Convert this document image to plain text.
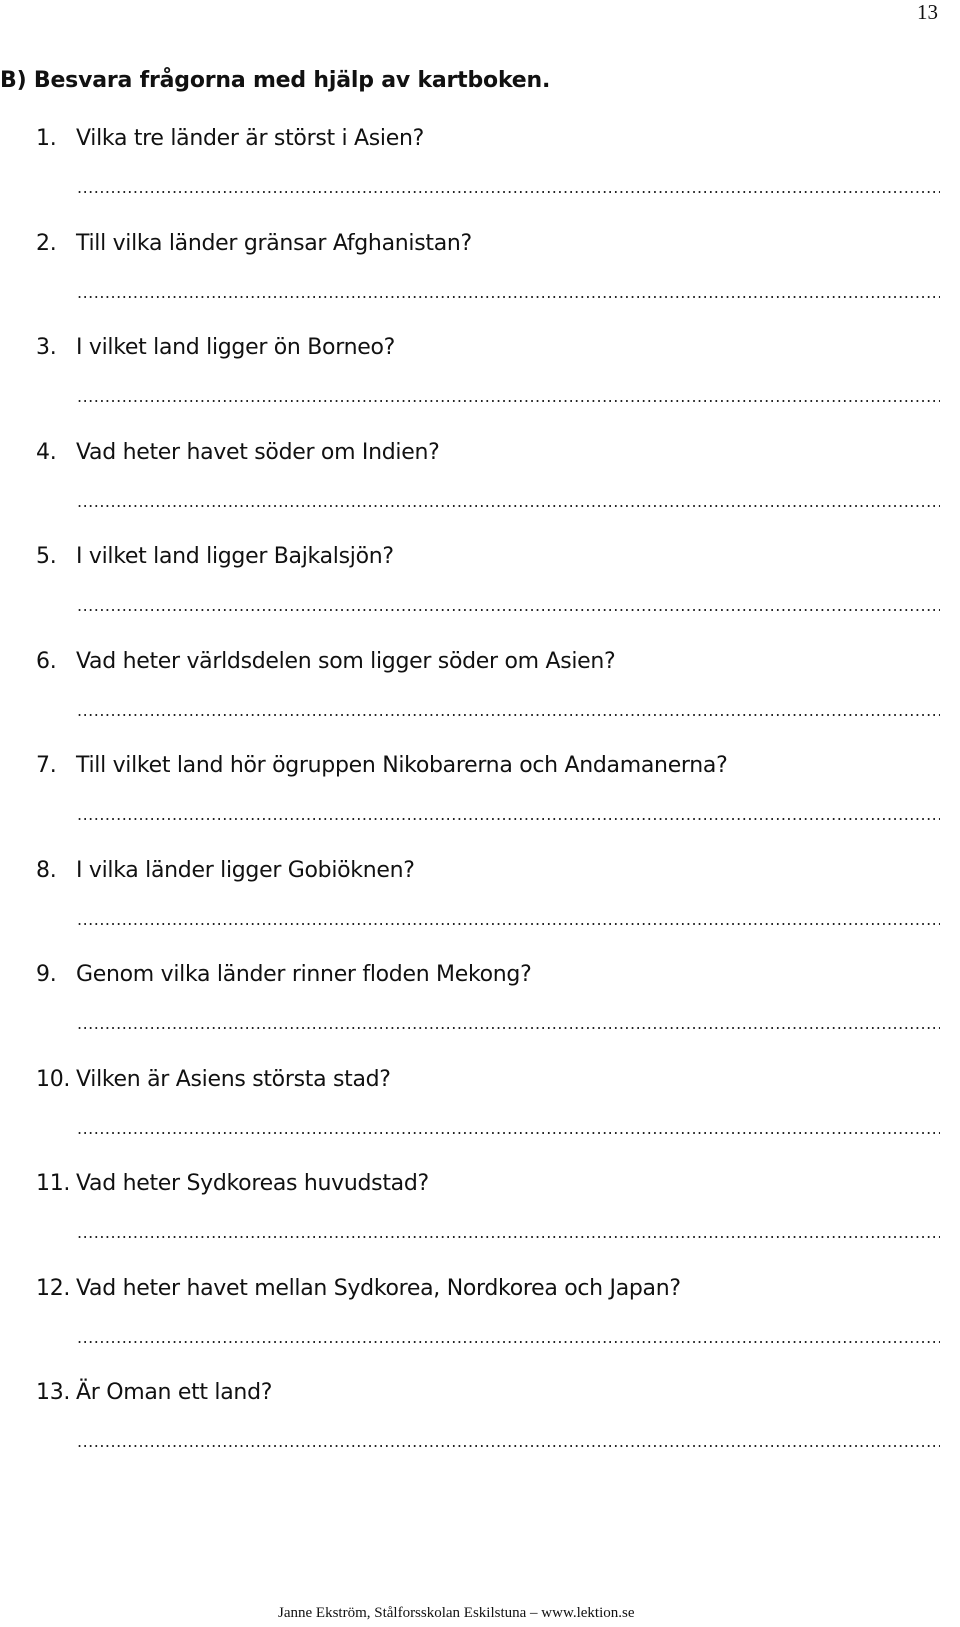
13
B) Besvara frågorna med hjälp av kartboken.
1. Vilka tre länder är störst i Asien?
.....
2. Till vilka länder gränsar Afghanistan?
.....
3. I vilket land ligger ön Borneo?
.....
4. Vad heter havet söder om Indien?
.....
5. I vilket land ligger Bajkalsjön?
.....
6. Vad heter världsdelen som ligger söder om Asien?
.....
7. Till vilket land hör ögruppen Nikobarerna och Andamanerna?
.....
8. I vilka länder ligger Gobiöknen?
.....
9. Genom vilka länder rinner floden Mekong?
.....
10. Vilken är Asiens största stad?
.....
11. Vad heter Sydkoreas huvudstad?
.....
12. Vad heter havet mellan Sydkorea, Nordkorea och Japan?
.....
13. Är Oman ett land?
.....
Janne Ekström, Stålforsskolan Eskilstuna – www.lektion.se
